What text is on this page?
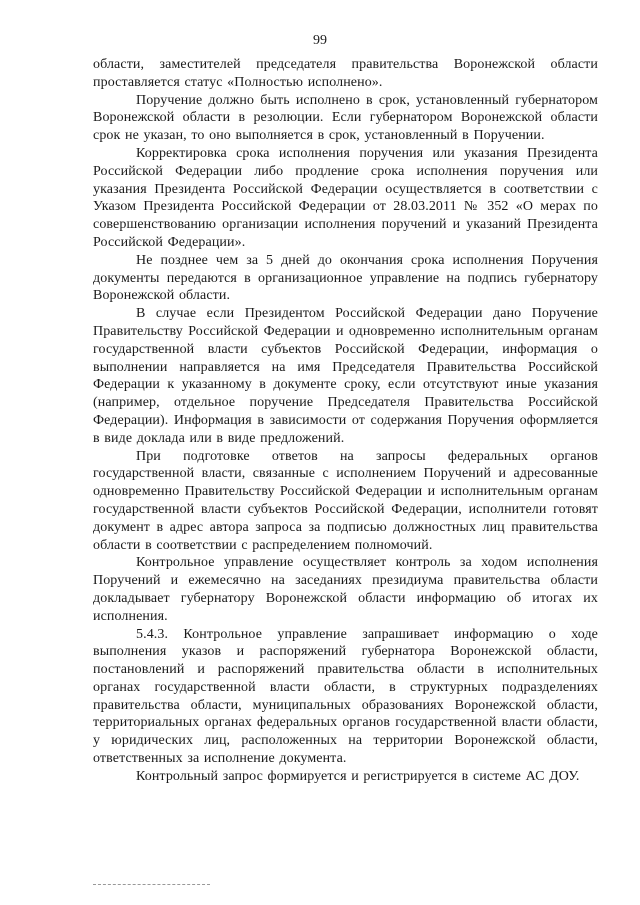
99

области, заместителей председателя правительства Воронежской области проставляется статус «Полностью исполнено».

Поручение должно быть исполнено в срок, установленный губернатором Воронежской области в резолюции. Если губернатором Воронежской области срок не указан, то оно выполняется в срок, установленный в Поручении.

Корректировка срока исполнения поручения или указания Президента Российской Федерации либо продление срока исполнения поручения или указания Президента Российской Федерации осуществляется в соответствии с Указом Президента Российской Федерации от 28.03.2011 № 352 «О мерах по совершенствованию организации исполнения поручений и указаний Президента Российской Федерации».

Не позднее чем за 5 дней до окончания срока исполнения Поручения документы передаются в организационное управление на подпись губернатору Воронежской области.

В случае если Президентом Российской Федерации дано Поручение Правительству Российской Федерации и одновременно исполнительным органам государственной власти субъектов Российской Федерации, информация о выполнении направляется на имя Председателя Правительства Российской Федерации к указанному в документе сроку, если отсутствуют иные указания (например, отдельное поручение Председателя Правительства Российской Федерации). Информация в зависимости от содержания Поручения оформляется в виде доклада или в виде предложений.

При подготовке ответов на запросы федеральных органов государственной власти, связанные с исполнением Поручений и адресованные одновременно Правительству Российской Федерации и исполнительным органам государственной власти субъектов Российской Федерации, исполнители готовят документ в адрес автора запроса за подписью должностных лиц правительства области в соответствии с распределением полномочий.

Контрольное управление осуществляет контроль за ходом исполнения Поручений и ежемесячно на заседаниях президиума правительства области докладывает губернатору Воронежской области информацию об итогах их исполнения.

5.4.3. Контрольное управление запрашивает информацию о ходе выполнения указов и распоряжений губернатора Воронежской области, постановлений и распоряжений правительства области в исполнительных органах государственной власти области, в структурных подразделениях правительства области, муниципальных образованиях Воронежской области, территориальных органах федеральных органов государственной власти области, у юридических лиц, расположенных на территории Воронежской области, ответственных за исполнение документа.

Контрольный запрос формируется и регистрируется в системе АС ДОУ.
